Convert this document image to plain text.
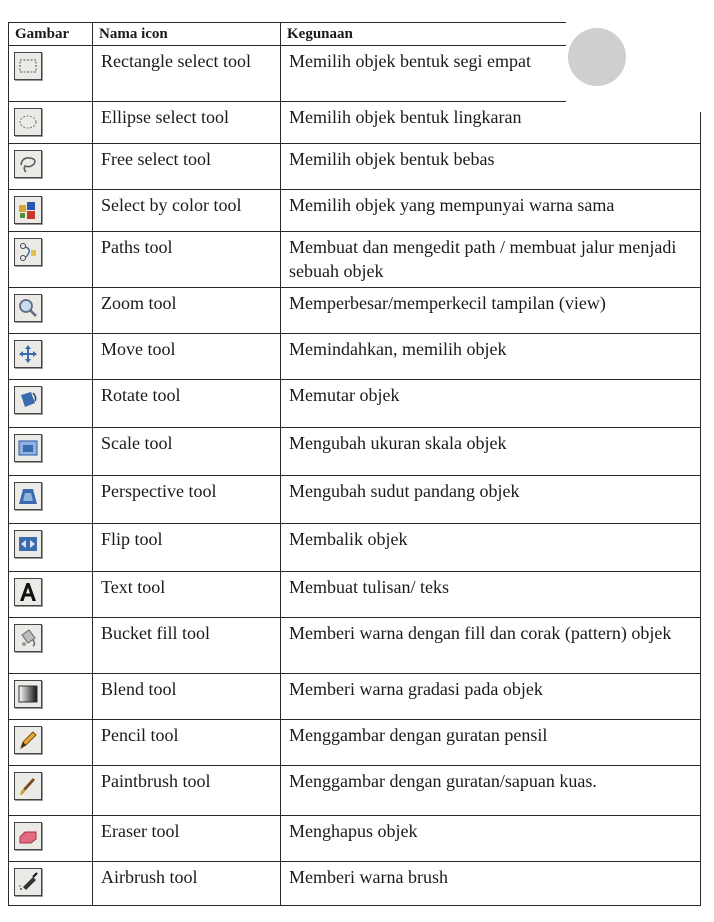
Gambar	Nama icon	Kegunaan

	Rectangle select tool	Memilih objek bentuk segi empat

	Ellipse select tool	Memilih objek bentuk lingkaran

	Free select tool	Memilih objek bentuk bebas

	Select by color tool	Memilih objek yang mempunyai warna sama

	Paths tool	Membuat dan mengedit path / membuat jalur menjadi sebuah objek

	Zoom tool	Memperbesar/memperkecil tampilan (view)

	Move tool	Memindahkan, memilih objek

	Rotate tool	Memutar objek

	Scale tool	Mengubah ukuran skala objek

	Perspective tool	Mengubah sudut pandang objek

	Flip tool	Membalik objek

	Text tool	Membuat tulisan/ teks

	Bucket fill tool	Memberi warna dengan fill dan corak (pattern) objek

	Blend tool	Memberi warna gradasi pada objek

	Pencil tool	Menggambar dengan guratan pensil

	Paintbrush tool	Menggambar dengan guratan/sapuan kuas.

	Eraser tool	Menghapus objek

	Airbrush tool	Memberi warna brush
